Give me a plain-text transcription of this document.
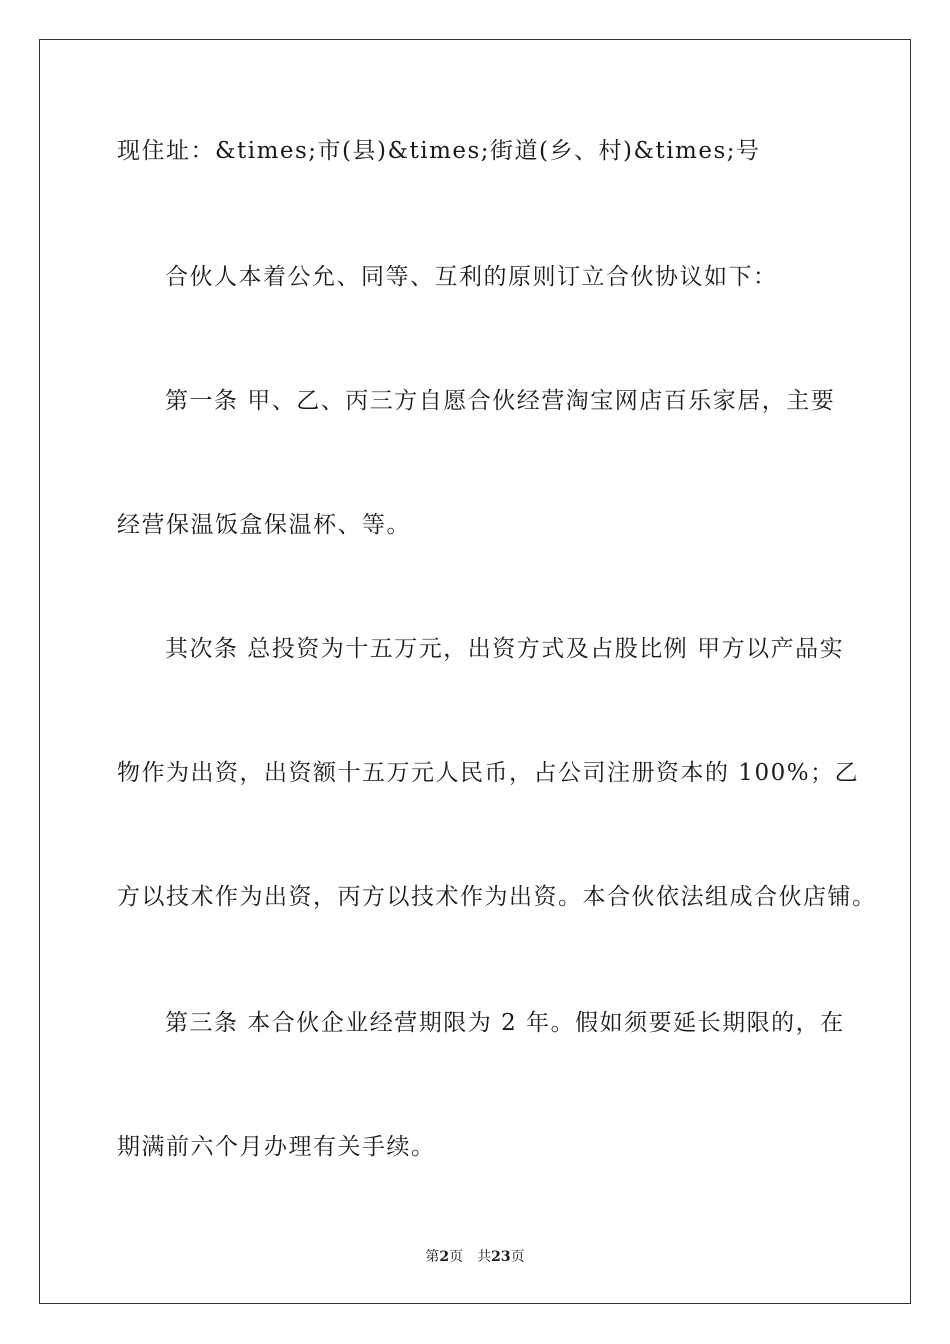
现住址：&times;市(县)&times;街道(乡、村)&times;号
合伙人本着公允、同等、互利的原则订立合伙协议如下：
第一条 甲、乙、丙三方自愿合伙经营淘宝网店百乐家居，主要
经营保温饭盒保温杯、等。
其次条 总投资为十五万元，出资方式及占股比例 甲方以产品实
物作为出资，出资额十五万元人民币，占公司注册资本的 100%；乙
方以技术作为出资，丙方以技术作为出资。本合伙依法组成合伙店铺。
第三条 本合伙企业经营期限为 2 年。假如须要延长期限的，在
期满前六个月办理有关手续。
第2页 共23页
